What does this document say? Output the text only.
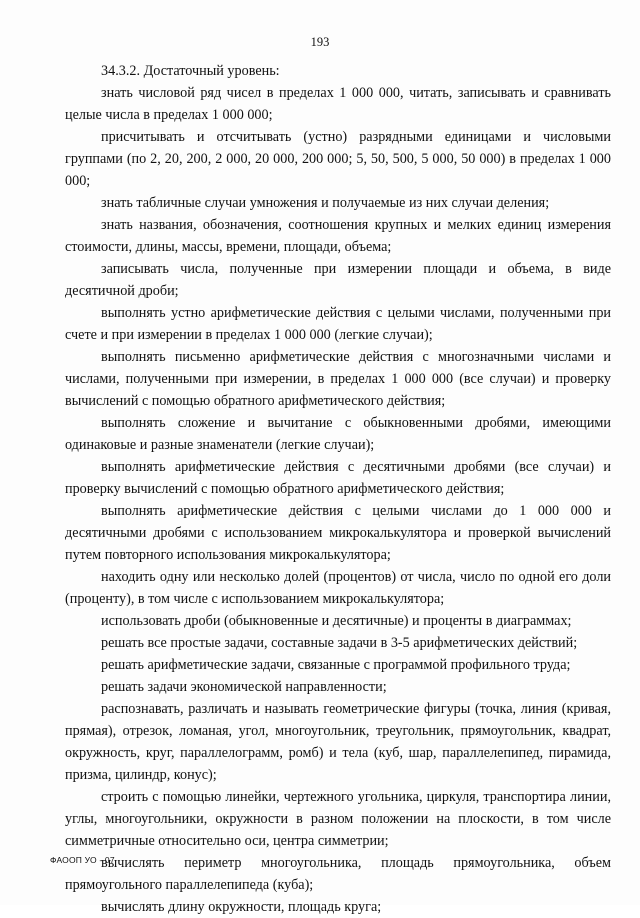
193

34.3.2. Достаточный уровень:

знать числовой ряд чисел в пределах 1 000 000, читать, записывать и сравнивать целые числа в пределах 1 000 000;

присчитывать и отсчитывать (устно) разрядными единицами и числовыми группами (по 2, 20, 200, 2 000, 20 000, 200 000; 5, 50, 500, 5 000, 50 000) в пределах 1 000 000;

знать табличные случаи умножения и получаемые из них случаи деления;

знать названия, обозначения, соотношения крупных и мелких единиц измерения стоимости, длины, массы, времени, площади, объема;

записывать числа, полученные при измерении площади и объема, в виде десятичной дроби;

выполнять устно арифметические действия с целыми числами, полученными при счете и при измерении в пределах 1 000 000 (легкие случаи);

выполнять письменно арифметические действия с многозначными числами и числами, полученными при измерении, в пределах 1 000 000 (все случаи) и проверку вычислений с помощью обратного арифметического действия;

выполнять сложение и вычитание с обыкновенными дробями, имеющими одинаковые и разные знаменатели (легкие случаи);

выполнять арифметические действия с десятичными дробями (все случаи) и проверку вычислений с помощью обратного арифметического действия;

выполнять арифметические действия с целыми числами до 1 000 000 и десятичными дробями с использованием микрокалькулятора и проверкой вычислений путем повторного использования микрокалькулятора;

находить одну или несколько долей (процентов) от числа, число по одной его доли (проценту), в том числе с использованием микрокалькулятора;

использовать дроби (обыкновенные и десятичные) и проценты в диаграммах;

решать все простые задачи, составные задачи в 3-5 арифметических действий;

решать арифметические задачи, связанные с программой профильного труда;

решать задачи экономической направленности;

распознавать, различать и называть геометрические фигуры (точка, линия (кривая, прямая), отрезок, ломаная, угол, многоугольник, треугольник, прямоугольник, квадрат, окружность, круг, параллелограмм, ромб) и тела (куб, шар, параллелепипед, пирамида, призма, цилиндр, конус);

строить с помощью линейки, чертежного угольника, циркуля, транспортира линии, углы, многоугольники, окружности в разном положении на плоскости, в том числе симметричные относительно оси, центра симметрии;

вычислять периметр многоугольника, площадь прямоугольника, объем прямоугольного параллелепипеда (куба);

вычислять длину окружности, площадь круга;

ФАООП УО - 07
